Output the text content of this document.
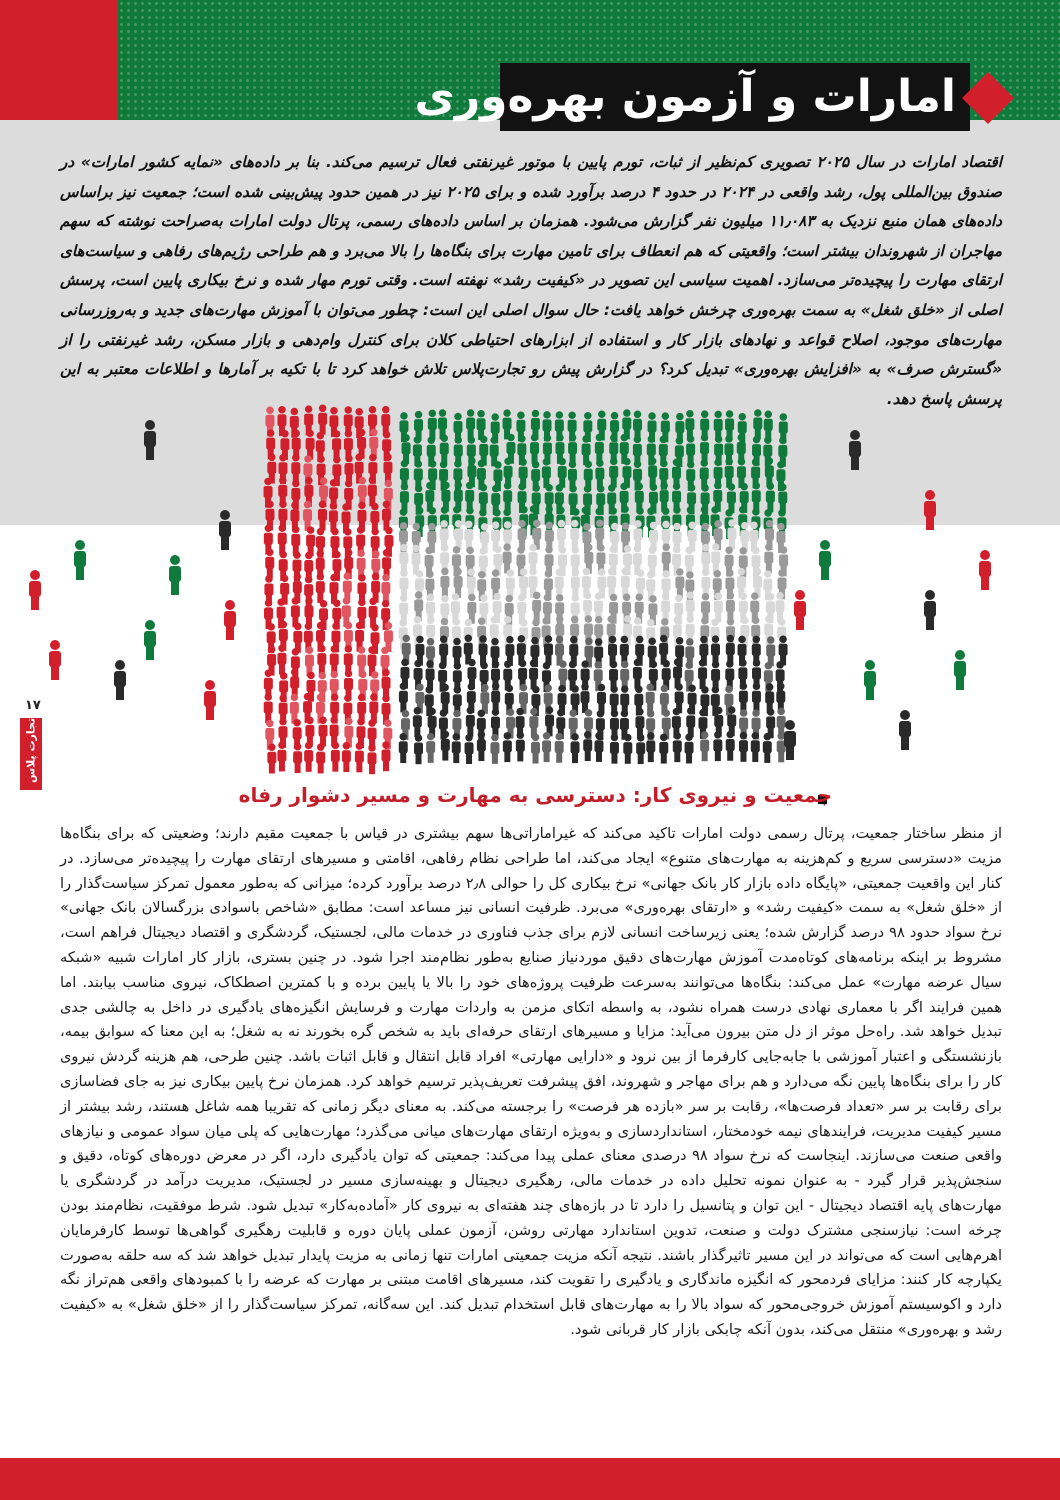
امارات و آزمون بهره‌وری
اقتصاد امارات در سال ۲۰۲۵ تصویری کم‌نظیر از ثبات، تورم پایین با موتور غیرنفتی فعال ترسیم می‌کند. بنا بر داده‌های «نمایه کشور امارات» در صندوق بین‌المللی پول، رشد واقعی در ۲۰۲۴ در حدود ۴ درصد برآورد شده و برای ۲۰۲۵ نیز در همین حدود پیش‌بینی شده است؛ جمعیت نیز براساس داده‌های همان منبع نزدیک به ۱۱٫۰۸۳ میلیون نفر گزارش می‌شود. همزمان بر اساس داده‌های رسمی، پرتال دولت امارات به‌صراحت نوشته که سهم مهاجران از شهروندان بیشتر است؛ واقعیتی که هم انعطاف برای تامین مهارت برای بنگاه‌ها را بالا می‌برد و هم طراحی رژیم‌های رفاهی و سیاست‌های ارتقای مهارت را پیچیده‌تر می‌سازد. اهمیت سیاسی این تصویر در «کیفیت رشد» نهفته است. وقتی تورم مهار شده و نرخ بیکاری پایین است، پرسش اصلی از «خلق شغل» به سمت بهره‌وری چرخش خواهد یافت: حال سوال اصلی این است: چطور می‌توان با آموزش مهارت‌های جدید و به‌روزرسانی مهارت‌های موجود، اصلاح قواعد و نهادهای بازار کار و استفاده از ابزارهای احتیاطی کلان برای کنترل وام‌دهی و بازار مسکن، رشد غیرنفتی را از «گسترش صرف» به «افزایش بهره‌وری» تبدیل کرد؟ در گزارش پیش رو تجارت‌پلاس تلاش خواهد کرد تا با تکیه بر آمارها و اطلاعات معتبر به این پرسش پاسخ دهد.
۱۷
تجارت پلاس
جمعیت و نیروی کار: دسترسی به مهارت و مسیر دشوار رفاه
از منظر ساختار جمعیت، پرتال رسمی دولت امارات تاکید می‌کند که غیراماراتی‌ها سهم بیشتری در قیاس با جمعیت مقیم دارند؛ وضعیتی که برای بنگاه‌ها مزیت «دسترسی سریع و کم‌هزینه به مهارت‌های متنوع» ایجاد می‌کند، اما طراحی نظام رفاهی، اقامتی و مسیرهای ارتقای مهارت را پیچیده‌تر می‌سازد. در کنار این واقعیت جمعیتی، «پایگاه داده بازار کار بانک جهانی» نرخ بیکاری کل را حوالی ۲٫۸ درصد برآورد کرده؛ میزانی که به‌طور معمول تمرکز سیاست‌گذار را از «خلق شغل» به سمت «کیفیت رشد» و «ارتقای بهره‌وری» می‌برد. ظرفیت انسانی نیز مساعد است: مطابق «شاخص باسوادی بزرگسالان بانک جهانی» نرخ سواد حدود ۹۸ درصد گزارش شده؛ یعنی زیرساخت انسانی لازم برای جذب فناوری در خدمات مالی، لجستیک، گردشگری و اقتصاد دیجیتال فراهم است، مشروط بر اینکه برنامه‌های کوتاه‌مدت آموزش مهارت‌های دقیق موردنیاز صنایع به‌طور نظام‌مند اجرا شود. در چنین بستری، بازار کار امارات شبیه «شبکه سیال عرضه مهارت» عمل می‌کند: بنگاه‌ها می‌توانند به‌سرعت ظرفیت پروژه‌های خود را بالا یا پایین برده و با کمترین اصطکاک، نیروی مناسب بیابند. اما همین فرایند اگر با معماری نهادی درست همراه نشود، به واسطه اتکای مزمن به واردات مهارت و فرسایش انگیزه‌های یادگیری در داخل به چالشی جدی تبدیل خواهد شد. راه‌حل موثر از دل متن بیرون می‌آید: مزایا و مسیرهای ارتقای حرفه‌ای باید به شخص گره بخورند نه به شغل؛ به این معنا که سوابق بیمه، بازنشستگی و اعتبار آموزشی با جابه‌جایی کارفرما از بین نرود و «دارایی مهارتی» افراد قابل انتقال و قابل اثبات باشد. چنین طرحی، هم هزینه گردش نیروی کار را برای بنگاه‌ها پایین نگه می‌دارد و هم برای مهاجر و شهروند، افق پیشرفت تعریف‌پذیر ترسیم خواهد کرد. همزمان نرخ پایین بیکاری نیز به جای فضاسازی برای رقابت بر سر «تعداد فرصت‌ها»، رقابت بر سر «بازده هر فرصت» را برجسته می‌کند. به معنای دیگر زمانی که تقریبا همه شاغل هستند، رشد بیشتر از مسیر کیفیت مدیریت، فرایندهای نیمه خودمختار، استانداردسازی و به‌ویژه ارتقای مهارت‌های میانی می‌گذرد؛ مهارت‌هایی که پلی میان سواد عمومی و نیازهای واقعی صنعت می‌سازند. اینجاست که نرخ سواد ۹۸ درصدی معنای عملی پیدا می‌کند: جمعیتی که توان یادگیری دارد، اگر در معرض دوره‌های کوتاه، دقیق و سنجش‌پذیر قرار گیرد - به عنوان نمونه تحلیل داده در خدمات مالی، رهگیری دیجیتال و بهینه‌سازی مسیر در لجستیک، مدیریت درآمد در گردشگری یا مهارت‌های پایه اقتصاد دیجیتال - این توان و پتانسیل را دارد تا در بازه‌های چند هفته‌ای به نیروی کار «آماده‌به‌کار» تبدیل شود. شرط موفقیت، نظام‌مند بودن چرخه است: نیازسنجی مشترک دولت و صنعت، تدوین استاندارد مهارتی روشن، آزمون عملی پایان دوره و قابلیت رهگیری گواهی‌ها توسط کارفرمایان اهرم‌هایی است که می‌تواند در این مسیر تاثیرگذار باشند. نتیجه آنکه مزیت جمعیتی امارات تنها زمانی به مزیت پایدار تبدیل خواهد شد که سه حلقه به‌صورت یکپارچه کار کنند: مزایای فردمحور که انگیزه ماندگاری و یادگیری را تقویت کند، مسیرهای اقامت مبتنی بر مهارت که عرضه را با کمبودهای واقعی هم‌تراز نگه دارد و اکوسیستم آموزش خروجی‌محور که سواد بالا را به مهارت‌های قابل استخدام تبدیل کند. این سه‌گانه، تمرکز سیاست‌گذار را از «خلق شغل» به «کیفیت رشد و بهره‌وری» منتقل می‌کند، بدون آنکه چابکی بازار کار قربانی شود.
